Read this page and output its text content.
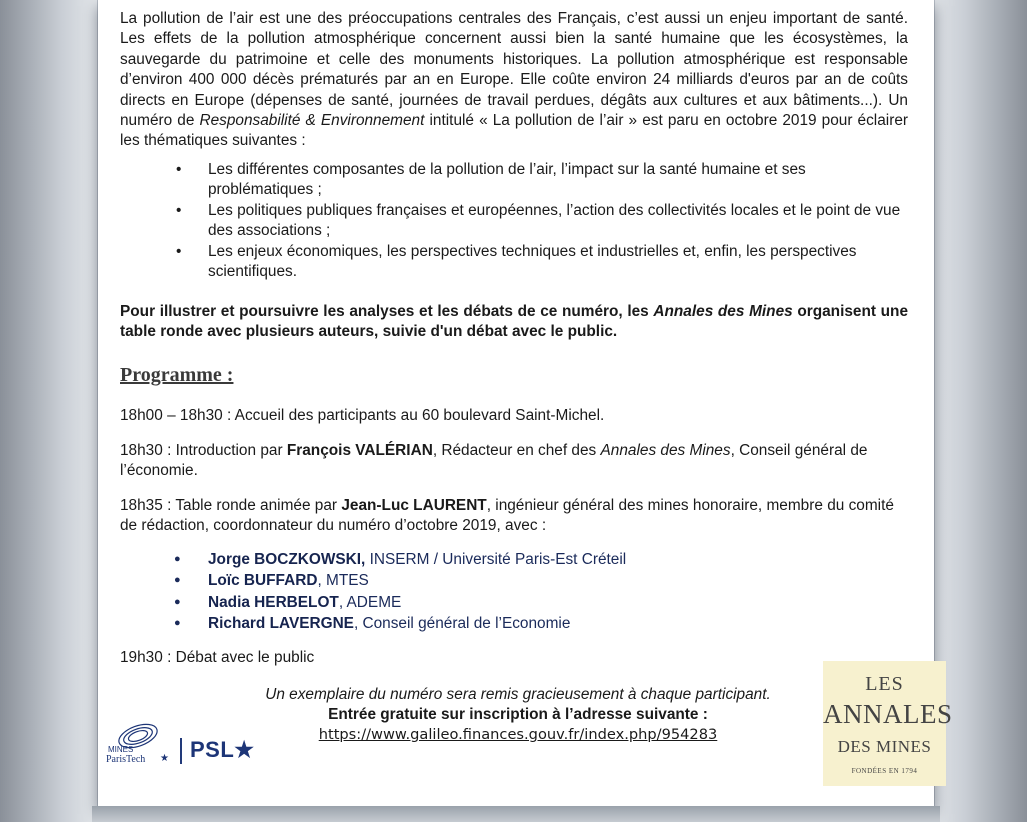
La pollution de l’air est une des préoccupations centrales des Français, c’est aussi un enjeu important de santé. Les effets de la pollution atmosphérique concernent aussi bien la santé humaine que les écosystèmes, la sauvegarde du patrimoine et celle des monuments historiques. La pollution atmosphérique est responsable d’environ 400 000 décès prématurés par an en Europe. Elle coûte environ 24 milliards d'euros par an de coûts directs en Europe (dépenses de santé, journées de travail perdues, dégâts aux cultures et aux bâtiments...). Un numéro de Responsabilité & Environnement intitulé « La pollution de l’air » est paru en octobre 2019 pour éclairer les thématiques suivantes :
• Les différentes composantes de la pollution de l’air, l’impact sur la santé humaine et ses problématiques ;
• Les politiques publiques françaises et européennes, l’action des collectivités locales et le point de vue des associations ;
• Les enjeux économiques, les perspectives techniques et industrielles et, enfin, les perspectives scientifiques.
Pour illustrer et poursuivre les analyses et les débats de ce numéro, les Annales des Mines organisent une table ronde avec plusieurs auteurs, suivie d'un débat avec le public.
Programme :
18h00 – 18h30 : Accueil des participants au 60 boulevard Saint-Michel.
18h30 : Introduction par François VALÉRIAN, Rédacteur en chef des Annales des Mines, Conseil général de l’économie.
18h35 : Table ronde animée par Jean-Luc LAURENT, ingénieur général des mines honoraire, membre du comité de rédaction, coordonnateur du numéro d’octobre 2019, avec :
● Jorge BOCZKOWSKI, INSERM / Université Paris-Est Créteil
● Loïc BUFFARD, MTES
● Nadia HERBELOT, ADEME
● Richard LAVERGNE, Conseil général de l’Economie
19h30 : Débat avec le public
Un exemplaire du numéro sera remis gracieusement à chaque participant.
Entrée gratuite sur inscription à l’adresse suivante :
https://www.galileo.finances.gouv.fr/index.php/954283
MINES
ParisTech ★ PSL★
LES
ANNALES
DES MINES
FONDÉES EN 1794
